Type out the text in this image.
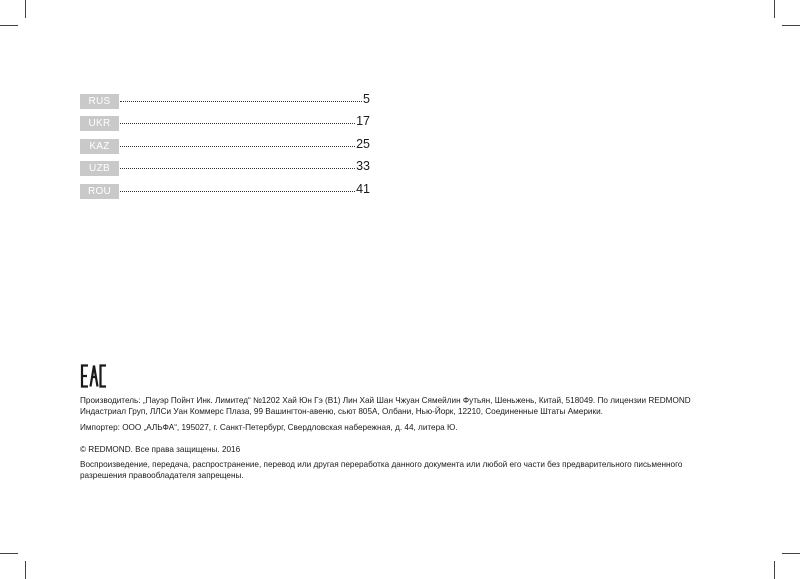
RUS	5
UKR	17
KAZ	25
UZB	33
ROU	41

Производитель: „Пауэр Пойнт Инк. Лимитед“ №1202 Хай Юн Гэ (В1) Лин Хай Шан Чжуан Сямейлин Футьян, Шеньжень, Китай, 518049. По лицензии REDMOND Индастриал Груп, ЛЛСи Уан Коммерс Плаза, 99 Вашингтон-авеню, сьют 805А, Олбани, Нью-Йорк, 12210, Соединенные Штаты Америки.

Импортер: ООО „АЛЬФА“, 195027, г. Санкт-Петербург, Свердловская набережная, д. 44, литера Ю.

© REDMOND. Все права защищены. 2016

Воспроизведение, передача, распространение, перевод или другая переработка данного документа или любой его части без предварительного письменного разрешения правообладателя запрещены.
